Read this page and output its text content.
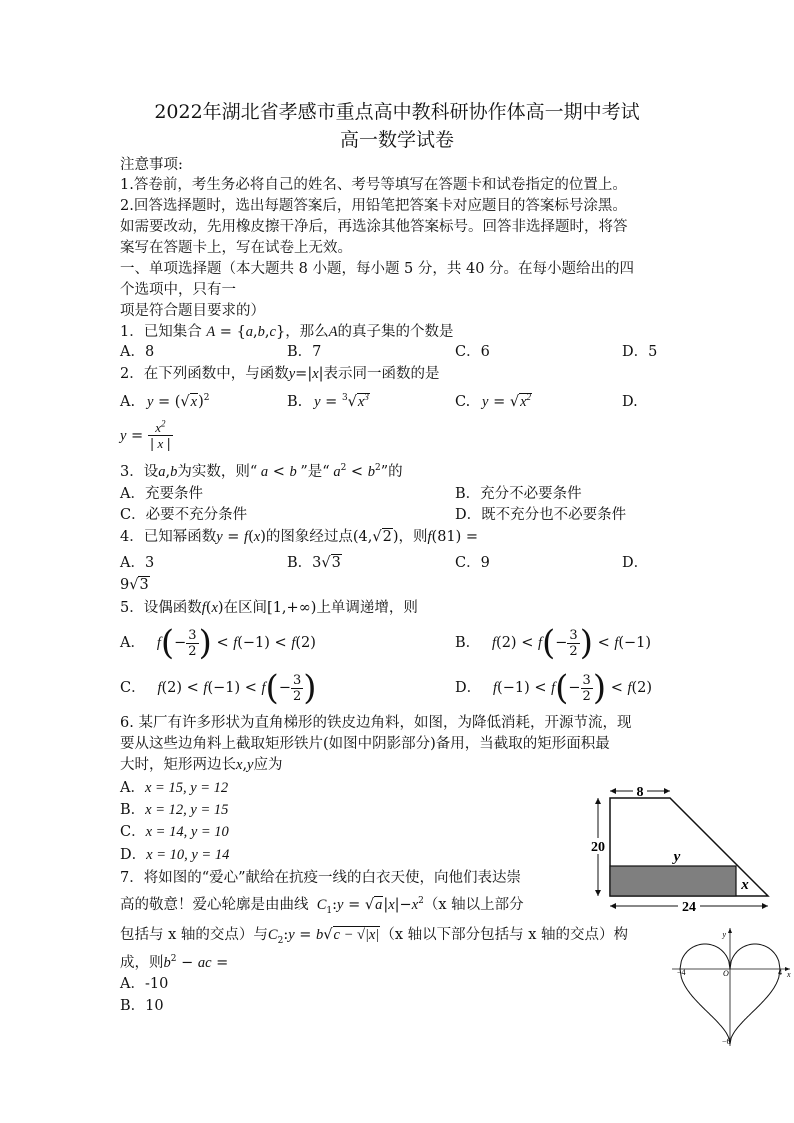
2022年湖北省孝感市重点高中教科研协作体高一期中考试
高一数学试卷
注意事项:
1.答卷前，考生务必将自己的姓名、考号等填写在答题卡和试卷指定的位置上。
2.回答选择题时，选出每题答案后，用铅笔把答案卡对应题目的答案标号涂黑。
如需要改动，先用橡皮擦干净后，再选涂其他答案标号。回答非选择题时，将答
案写在答题卡上，写在试卷上无效。
一、单项选择题（本大题共 8 小题，每小题 5 分，共 40 分。在每小题给出的四
个选项中，只有一
项是符合题目要求的）
1．已知集合 A = {a,b,c}，那么A的真子集的个数是
A．8	B．7	C．6	D．5
2．在下列函数中，与函数y=|x|表示同一函数的是
A.   $y = (√x)^2$	B.   $y = ^3√x^3$	C.   $y = √x^2$	D.
$y = \frac{x^2}{| x |}$
3．设a,b为实数，则“ a < b ”是“ $a^2 < b^2$”的
A．充要条件	B．充分不必要条件
C．必要不充分条件	D．既不充分也不必要条件
4．已知幂函数y = f(x)的图象经过点(4,√2)，则f(81) =
A．3	B．3√3	C．9	D．
9√3
5．设偶函数f(x)在区间[1,+∞)上单调递增，则
A．   $f(- \frac{3}{2}$ ) < f(−1) < f(2)	B．   $f(2) < f(- \frac{3}{2}$ ) < f(−1)
C．   $f(2) < f(-1) < f(- \frac{3}{2}$ )	D．   $f(-1) < f(- \frac{3}{2}$ ) < f(2)
6. 某厂有许多形状为直角梯形的铁皮边角料，如图，为降低消耗，开源节流，现
要从这些边角料上截取矩形铁片(如图中阴影部分)备用，当截取的矩形面积最
大时，矩形两边长x,y应为
A．x = 15, y = 12
B．x = 12, y = 15
C．x = 14, y = 10
D．x = 10, y = 14
8
20
24
y
x
7．将如图的“爱心”献给在抗疫一线的白衣天使，向他们表达崇
高的敬意！爱心轮廓是由曲线  $C_1:y = √a|x|-x^2(x$ 轴以上部分
包括与 x 轴的交点）与$C_2:y = b√c - √|x|(x$ 轴以下部分包括与 x 轴的交点）构
成，则$b^2$ − ac =
A．-10
B．10
y
x
O
−4	4
−6
